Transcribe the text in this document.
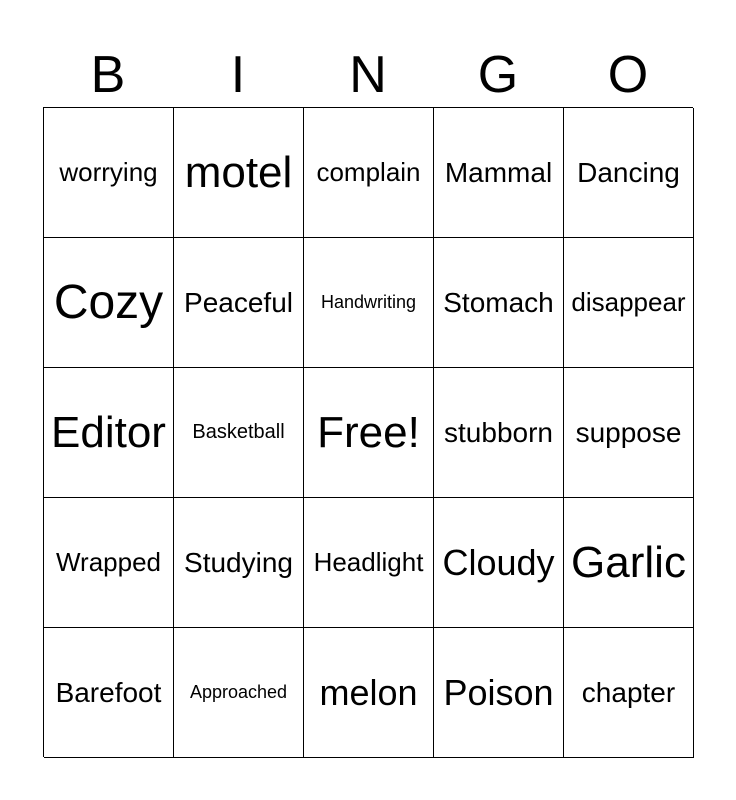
B	I	N	G	O
worrying motel complain Mammal Dancing
Cozy Peaceful	Handwriting Stomach disappear
Editor	Basketball Free! stubborn suppose
Wrapped Studying Headlight Cloudy Garlic
Barefoot	Approached melon Poison	chapter
